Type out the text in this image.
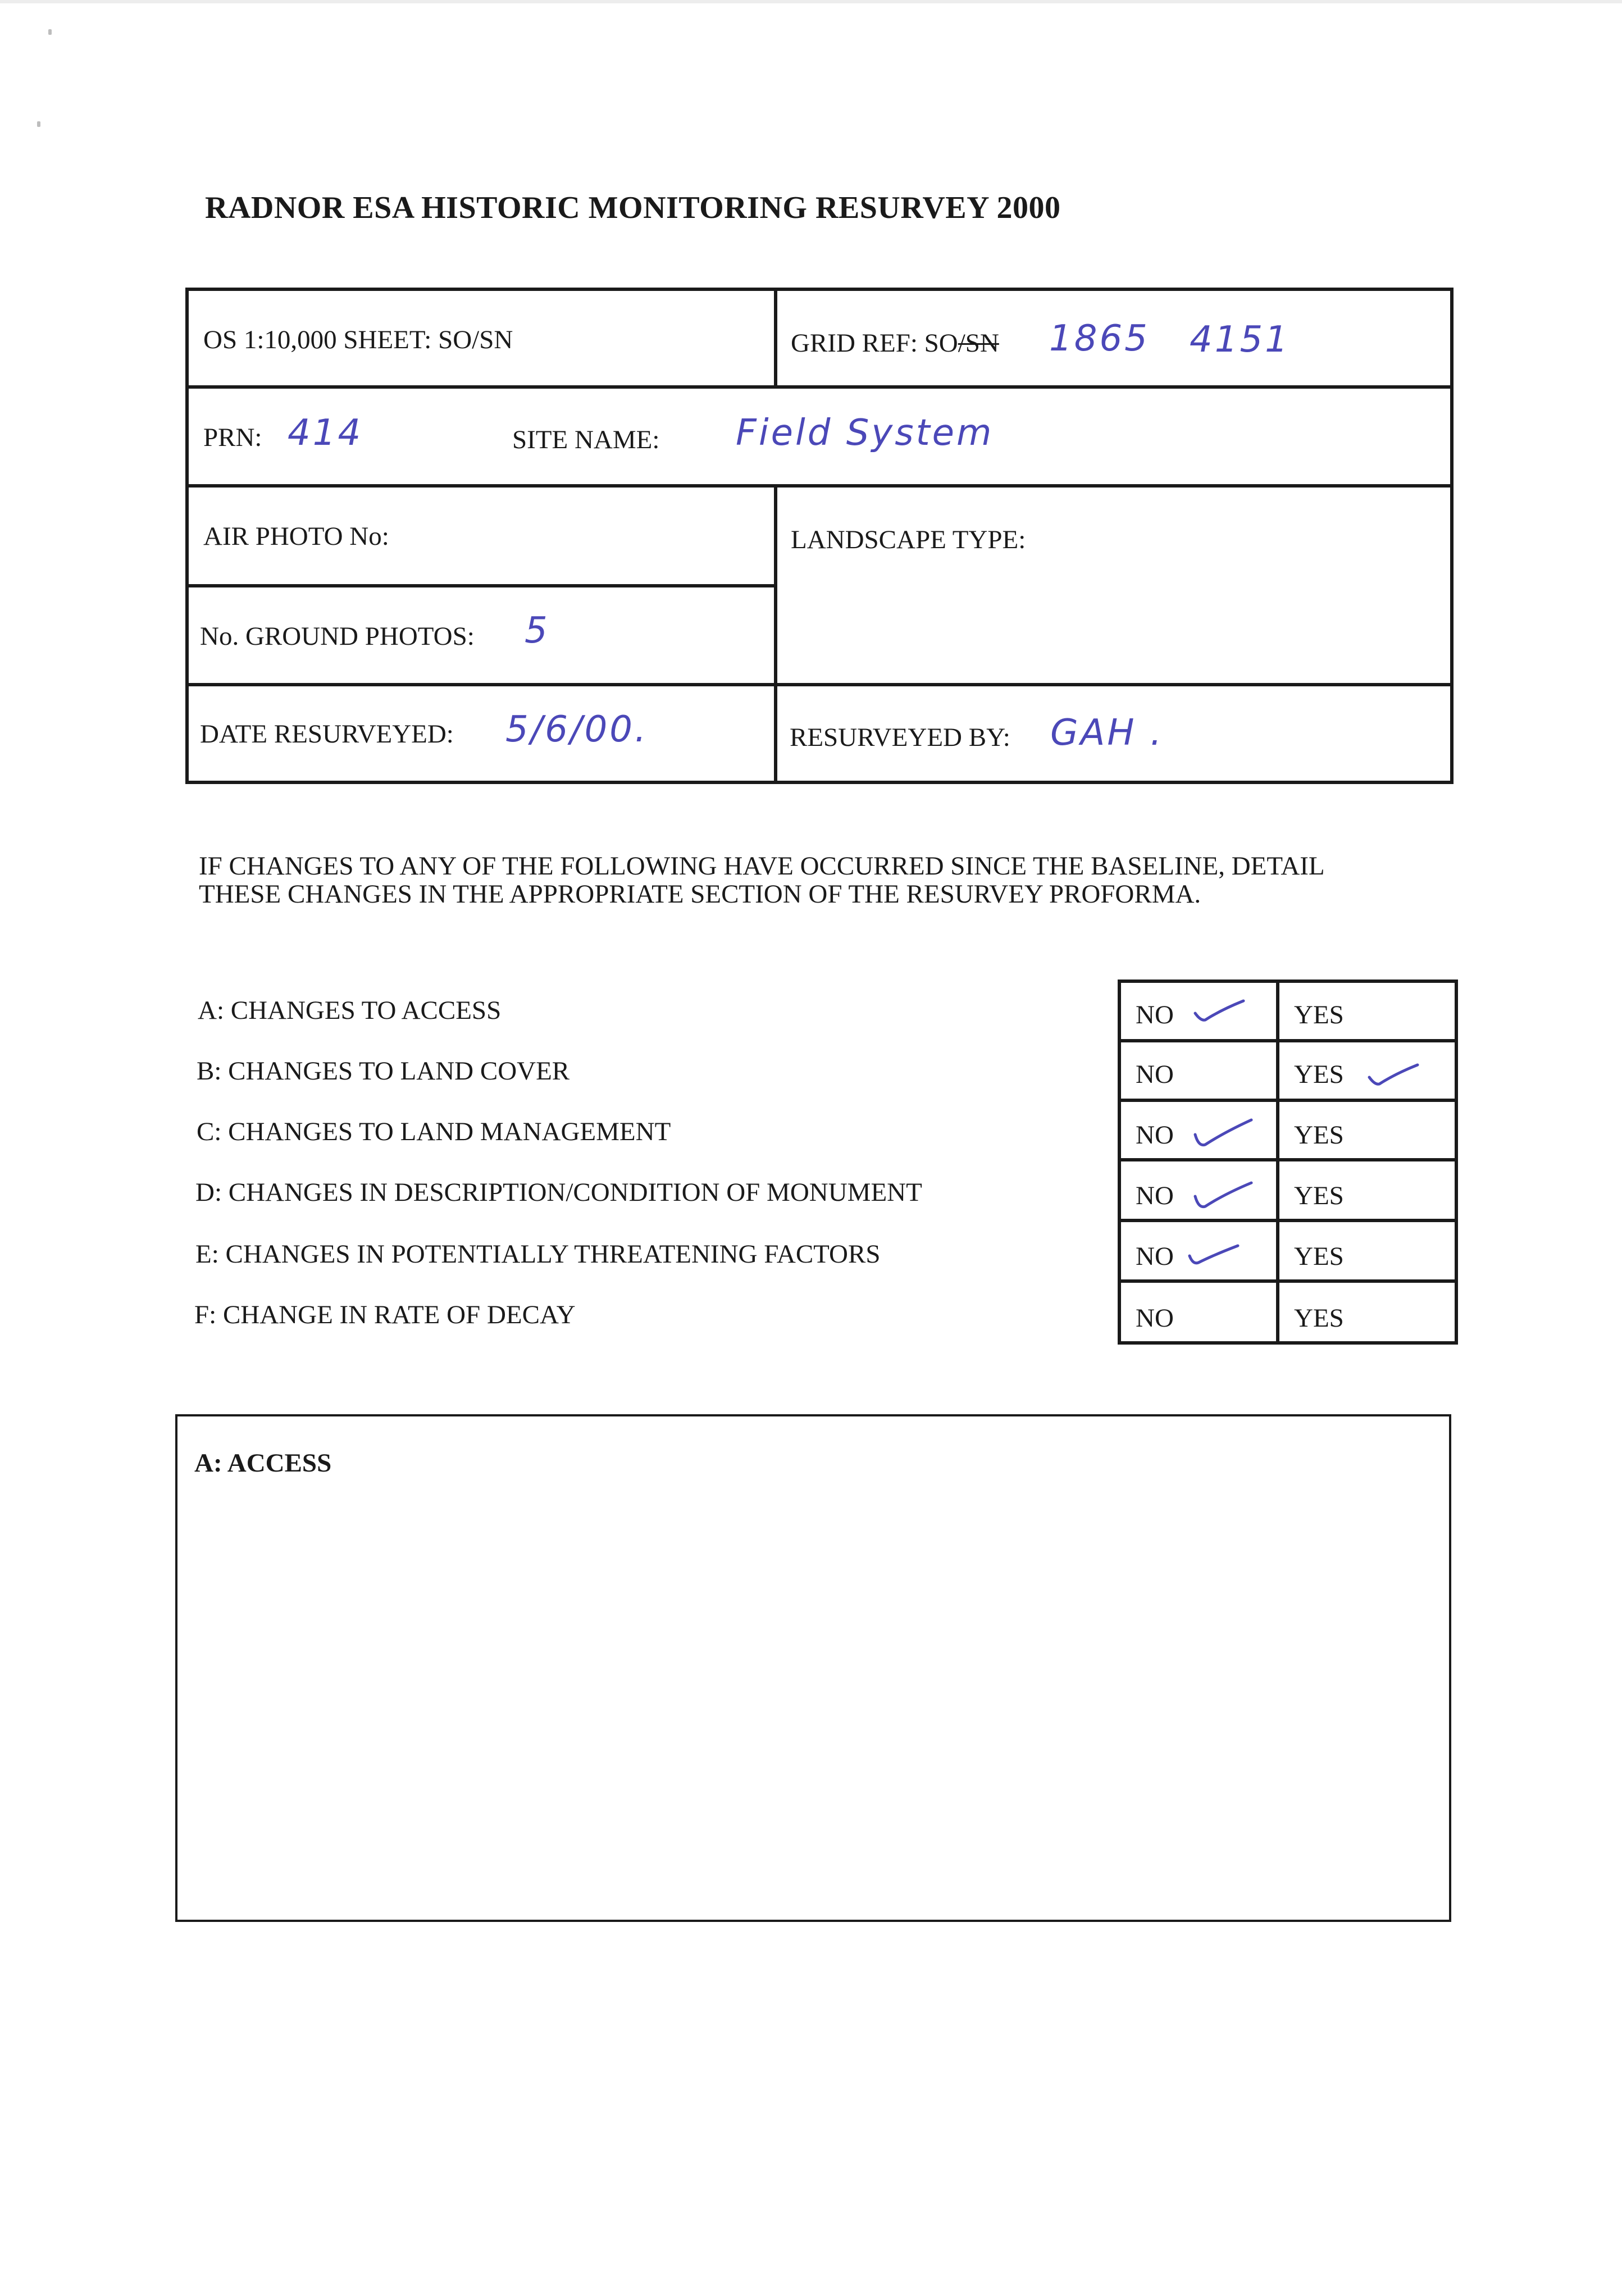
RADNOR ESA HISTORIC MONITORING RESURVEY 2000
OS 1:10,000 SHEET: SO/SN	GRID REF: SO/SN 1865 4151
PRN: 414	SITE NAME: Field System
AIR PHOTO No:	LANDSCAPE TYPE:
No. GROUND PHOTOS: 5
DATE RESURVEYED: 5/6/00.	RESURVEYED BY: GAH .
IF CHANGES TO ANY OF THE FOLLOWING HAVE OCCURRED SINCE THE BASELINE, DETAIL
THESE CHANGES IN THE APPROPRIATE SECTION OF THE RESURVEY PROFORMA.
A: CHANGES TO ACCESS
B: CHANGES TO LAND COVER
C: CHANGES TO LAND MANAGEMENT
D: CHANGES IN DESCRIPTION/CONDITION OF MONUMENT
E: CHANGES IN POTENTIALLY THREATENING FACTORS
F: CHANGE IN RATE OF DECAY
NO	YES
NO	YES
NO	YES
NO	YES
NO	YES
NO	YES
A: ACCESS
